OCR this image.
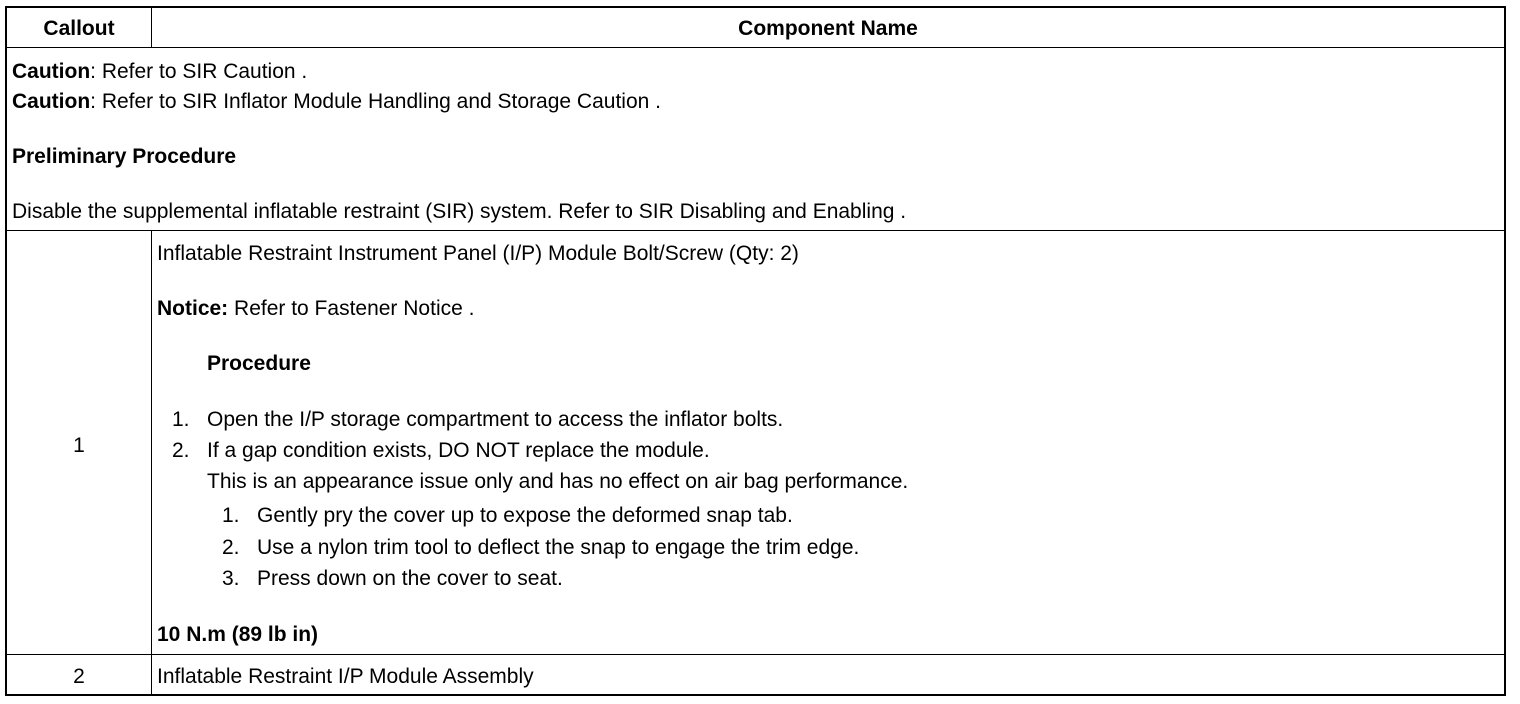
Callout	Component Name
Caution: Refer to SIR Caution .
Caution: Refer to SIR Inflator Module Handling and Storage Caution .
Preliminary Procedure
Disable the supplemental inflatable restraint (SIR) system. Refer to SIR Disabling and Enabling .
1
Inflatable Restraint Instrument Panel (I/P) Module Bolt/Screw (Qty: 2)
Notice: Refer to Fastener Notice .
Procedure
1. Open the I/P storage compartment to access the inflator bolts.
2. If a gap condition exists, DO NOT replace the module.
This is an appearance issue only and has no effect on air bag performance.
1. Gently pry the cover up to expose the deformed snap tab.
2. Use a nylon trim tool to deflect the snap to engage the trim edge.
3. Press down on the cover to seat.
10 N.m (89 lb in)
2	Inflatable Restraint I/P Module Assembly
